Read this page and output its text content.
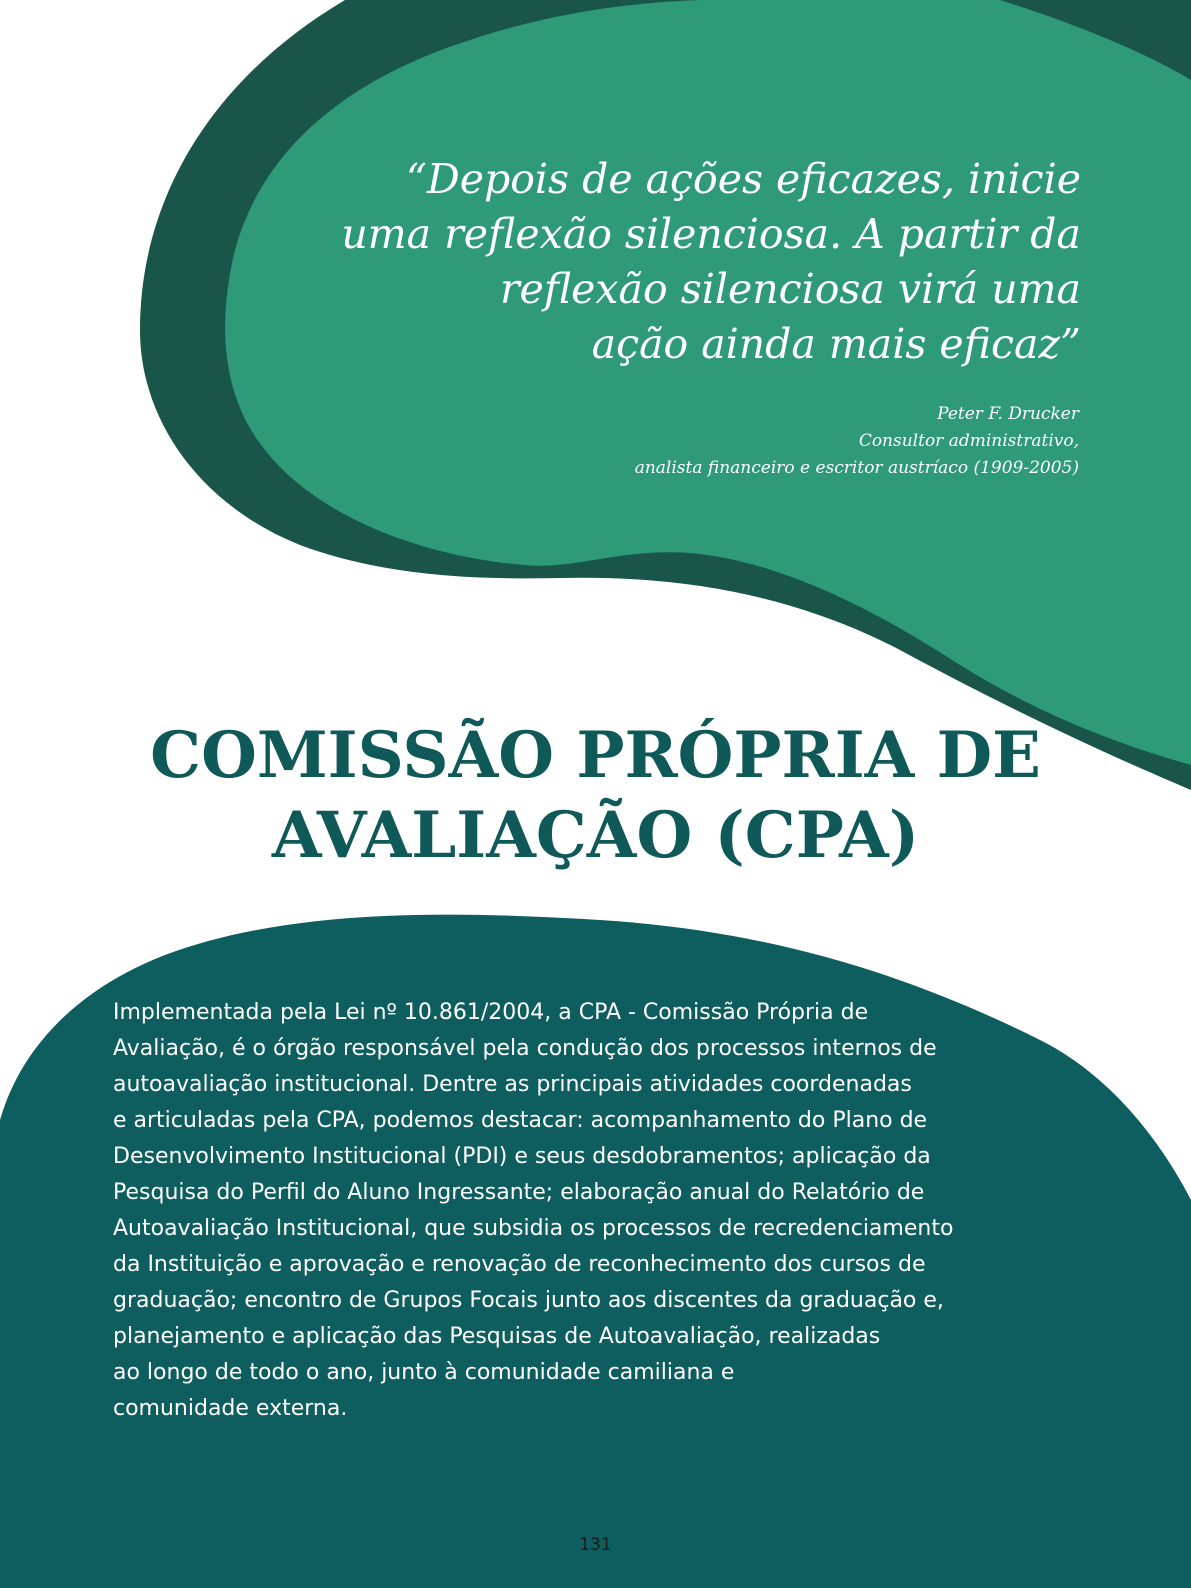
“Depois de ações eficazes, inicie

uma reflexão silenciosa. A partir da

reflexão silenciosa virá uma

ação ainda mais eficaz”

Peter F. Drucker

Consultor administrativo,

analista financeiro e escritor austríaco (1909-2005)

COMISSÃO PRÓPRIA DE
AVALIAÇÃO (CPA)

Implementada pela Lei nº 10.861/2004, a CPA - Comissão Própria de

Avaliação, é o órgão responsável pela condução dos processos internos de

autoavaliação institucional. Dentre as principais atividades coordenadas

e articuladas pela CPA, podemos destacar: acompanhamento do Plano de

Desenvolvimento Institucional (PDI) e seus desdobramentos; aplicação da

Pesquisa do Perfil do Aluno Ingressante; elaboração anual do Relatório de

Autoavaliação Institucional, que subsidia os processos de recredenciamento

da Instituição e aprovação e renovação de reconhecimento dos cursos de

graduação; encontro de Grupos Focais junto aos discentes da graduação e,

planejamento e aplicação das Pesquisas de Autoavaliação, realizadas

ao longo de todo o ano, junto à comunidade camiliana e

comunidade externa.

131
